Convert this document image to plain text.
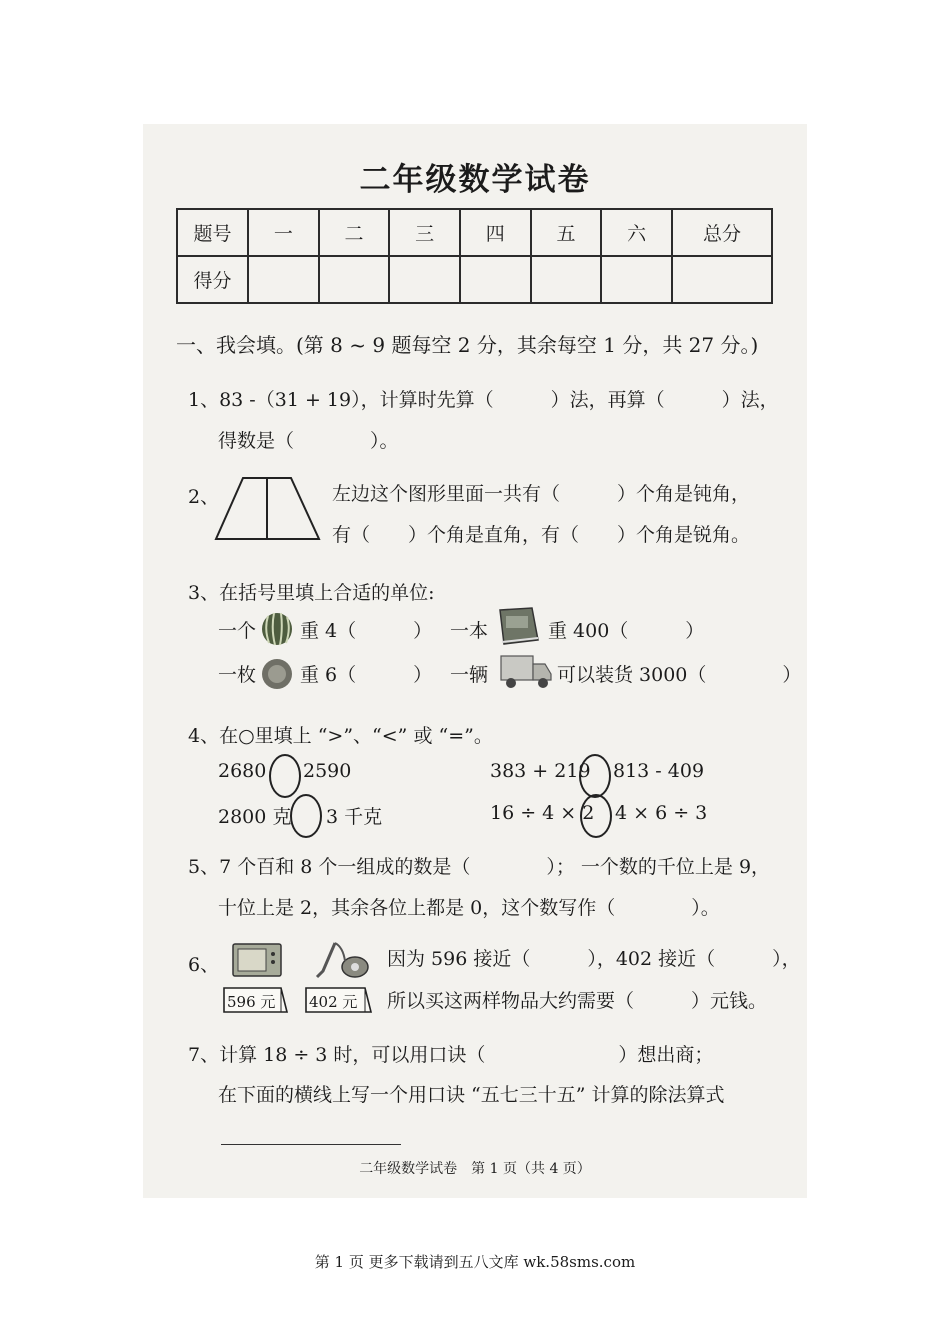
二年级数学试卷
题号	一	二	三	四	五	六	总分
得分							
一、我会填。(第 8 ~ 9 题每空 2 分，其余每空 1 分，共 27 分。)
1、83 -（31 + 19），计算时先算（　　　）法，再算（　　　）法，
得数是（　　　　）。
2、	左边这个图形里面一共有（　　　）个角是钝角，
有（　　）个角是直角，有（　　）个角是锐角。
3、在括号里填上合适的单位:
一个 重 4（　　　） 一本	重 400（　　　）
一枚 重 6（　　　） 一辆	可以装货 3000（　　　　）
4、在○里填上 “>”、“<” 或 “=”。
2680 2590	383 + 219 813 - 409
2800 克 3 千克	16 ÷ 4 × 2 4 × 6 ÷ 3
5、7 个百和 8 个一组成的数是（　　　　）； 一个数的千位上是 9，
十位上是 2，其余各位上都是 0，这个数写作（　　　　）。
6、
596 元 402 元
因为 596 接近（　　　），402 接近（　　　），
所以买这两样物品大约需要（　　　）元钱。
7、计算 18 ÷ 3 时，可以用口诀（　　　　　　　）想出商；
在下面的横线上写一个用口诀 “五七三十五” 计算的除法算式
二年级数学试卷　第 1 页（共 4 页）
第 1 页 更多下载请到五八文库 wk.58sms.com
